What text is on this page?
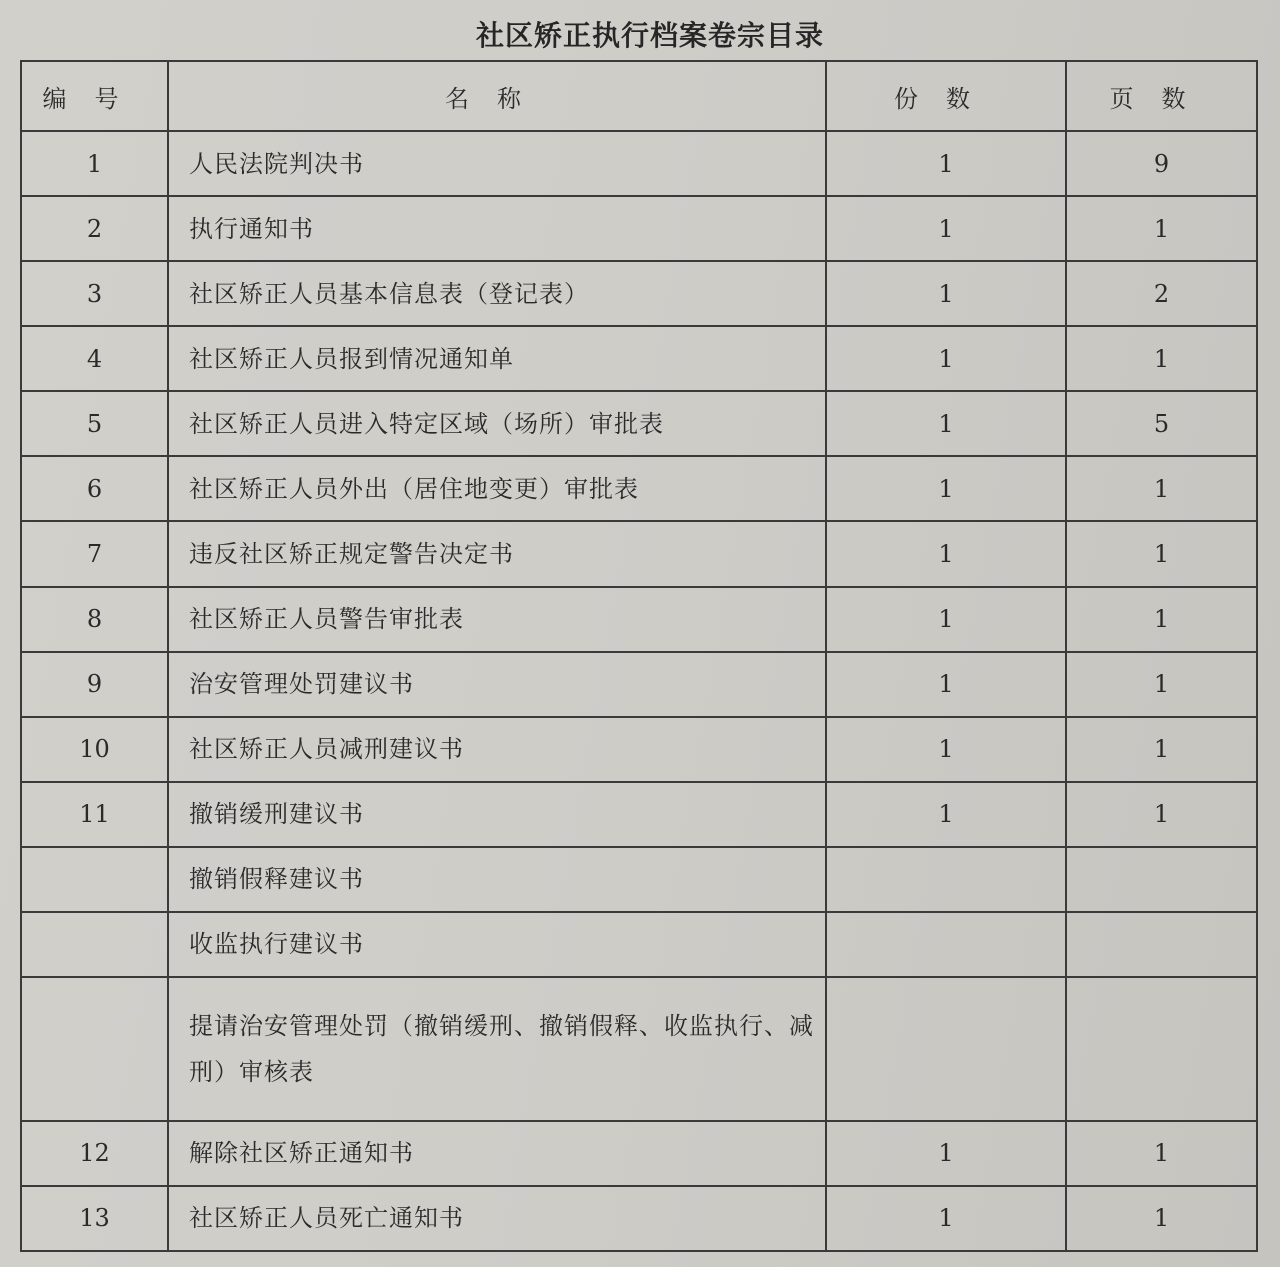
社区矫正执行档案卷宗目录
编号	名称	份数	页数
1	人民法院判决书	1	9
2	执行通知书	1	1
3	社区矫正人员基本信息表（登记表）	1	2
4	社区矫正人员报到情况通知单	1	1
5	社区矫正人员进入特定区域（场所）审批表	1	5
6	社区矫正人员外出（居住地变更）审批表	1	1
7	违反社区矫正规定警告决定书	1	1
8	社区矫正人员警告审批表	1	1
9	治安管理处罚建议书	1	1
10	社区矫正人员减刑建议书	1	1
11	撤销缓刑建议书	1	1
	撤销假释建议书		
	收监执行建议书		
	提请治安管理处罚（撤销缓刑、撤销假释、收监执行、减刑）审核表		
12	解除社区矫正通知书	1	1
13	社区矫正人员死亡通知书	1	1
